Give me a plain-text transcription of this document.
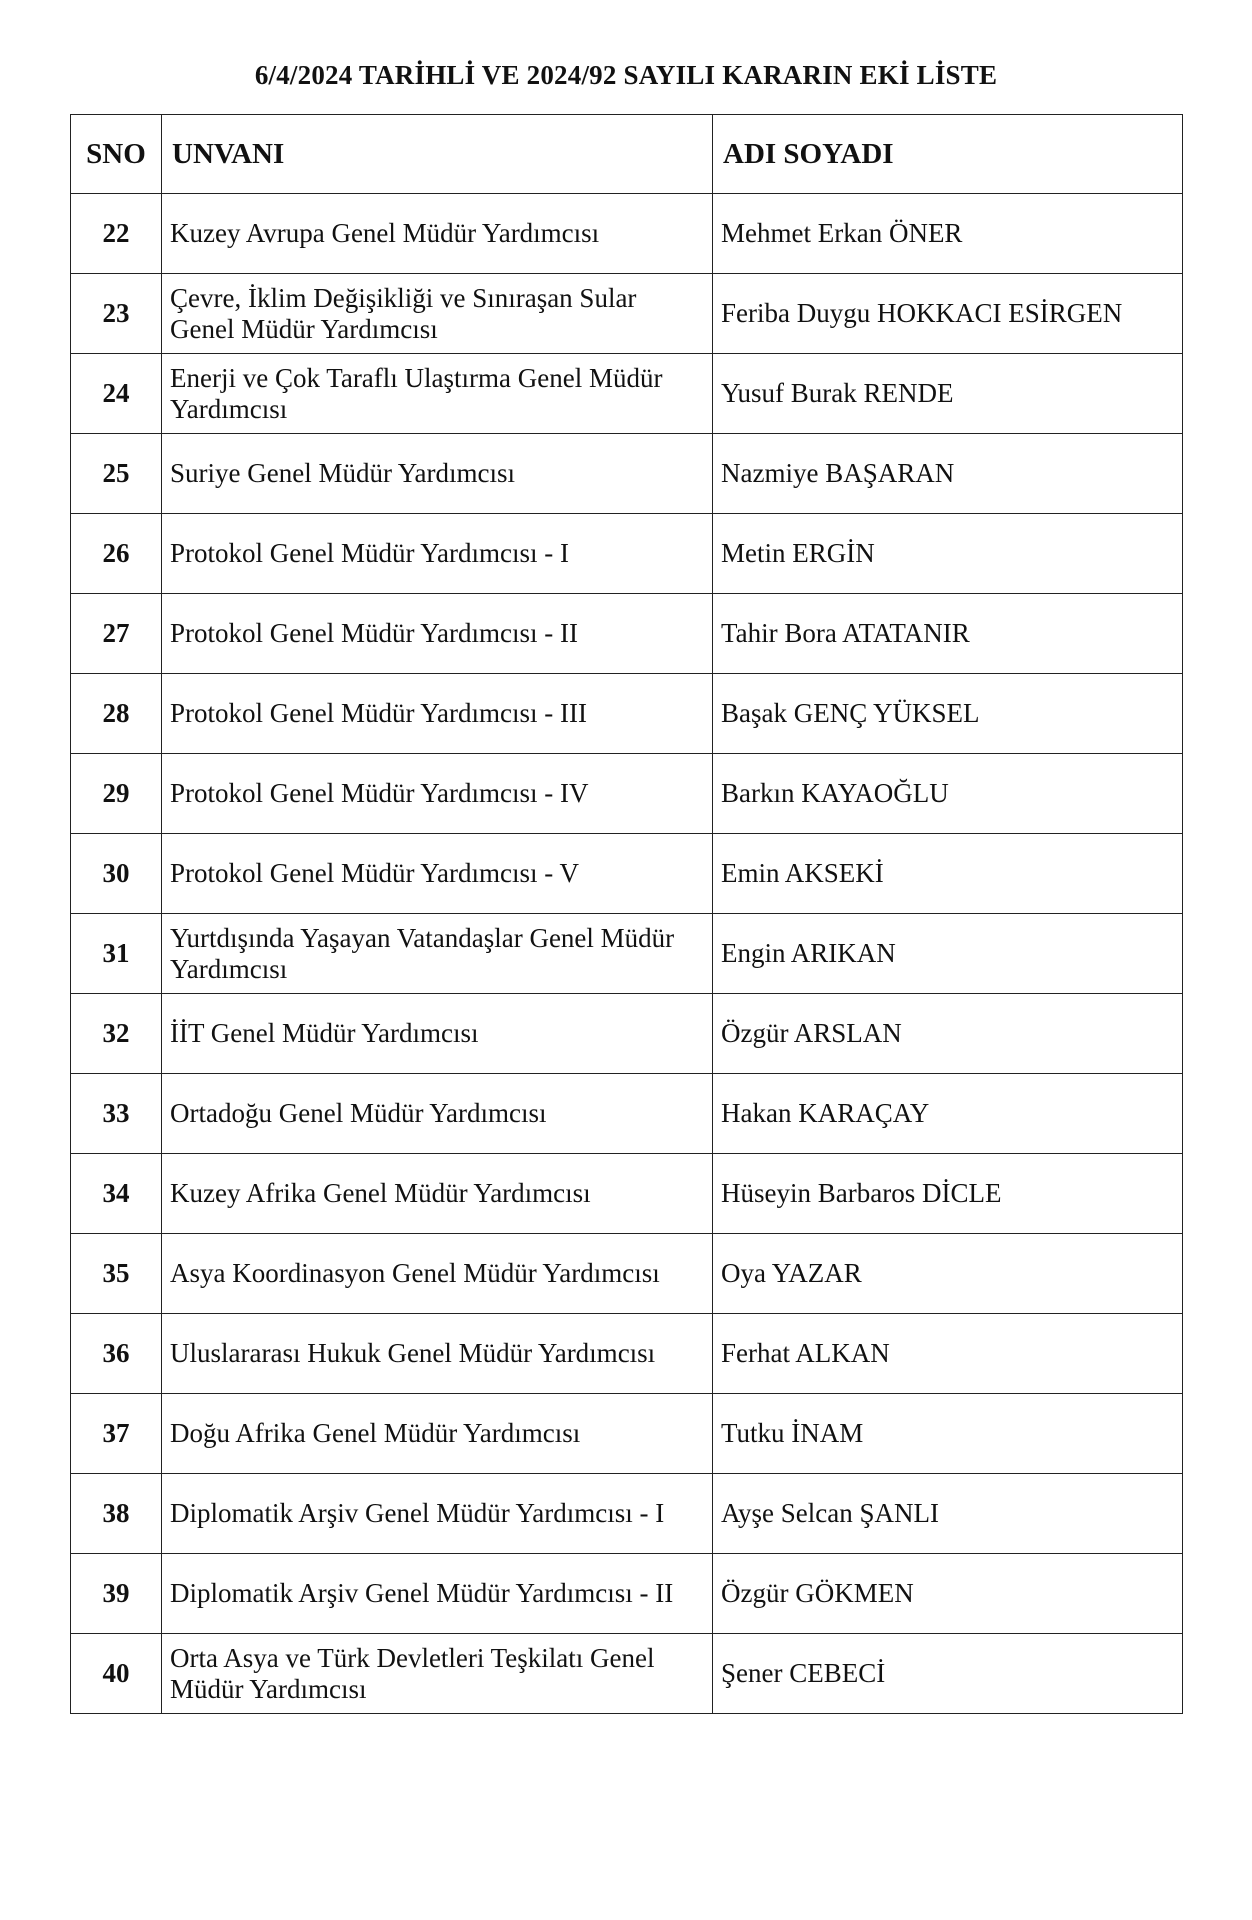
6/4/2024 TARİHLİ VE 2024/92 SAYILI KARARIN EKİ LİSTE
SNO	UNVANI	ADI SOYADI
22	Kuzey Avrupa Genel Müdür Yardımcısı	Mehmet Erkan ÖNER
23	Çevre, İklim Değişikliği ve Sınıraşan Sular Genel Müdür Yardımcısı	Feriba Duygu HOKKACI ESİRGEN
24	Enerji ve Çok Taraflı Ulaştırma Genel Müdür Yardımcısı	Yusuf Burak RENDE
25	Suriye Genel Müdür Yardımcısı	Nazmiye BAŞARAN
26	Protokol Genel Müdür Yardımcısı - I	Metin ERGİN
27	Protokol Genel Müdür Yardımcısı - II	Tahir Bora ATATANIR
28	Protokol Genel Müdür Yardımcısı - III	Başak GENÇ YÜKSEL
29	Protokol Genel Müdür Yardımcısı - IV	Barkın KAYAOĞLU
30	Protokol Genel Müdür Yardımcısı - V	Emin AKSEKİ
31	Yurtdışında Yaşayan Vatandaşlar Genel Müdür Yardımcısı	Engin ARIKAN
32	İİT Genel Müdür Yardımcısı	Özgür ARSLAN
33	Ortadoğu Genel Müdür Yardımcısı	Hakan KARAÇAY
34	Kuzey Afrika Genel Müdür Yardımcısı	Hüseyin Barbaros DİCLE
35	Asya Koordinasyon Genel Müdür Yardımcısı	Oya YAZAR
36	Uluslararası Hukuk Genel Müdür Yardımcısı	Ferhat ALKAN
37	Doğu Afrika Genel Müdür Yardımcısı	Tutku İNAM
38	Diplomatik Arşiv Genel Müdür Yardımcısı - I	Ayşe Selcan ŞANLI
39	Diplomatik Arşiv Genel Müdür Yardımcısı - II	Özgür GÖKMEN
40	Orta Asya ve Türk Devletleri Teşkilatı Genel Müdür Yardımcısı	Şener CEBECİ
